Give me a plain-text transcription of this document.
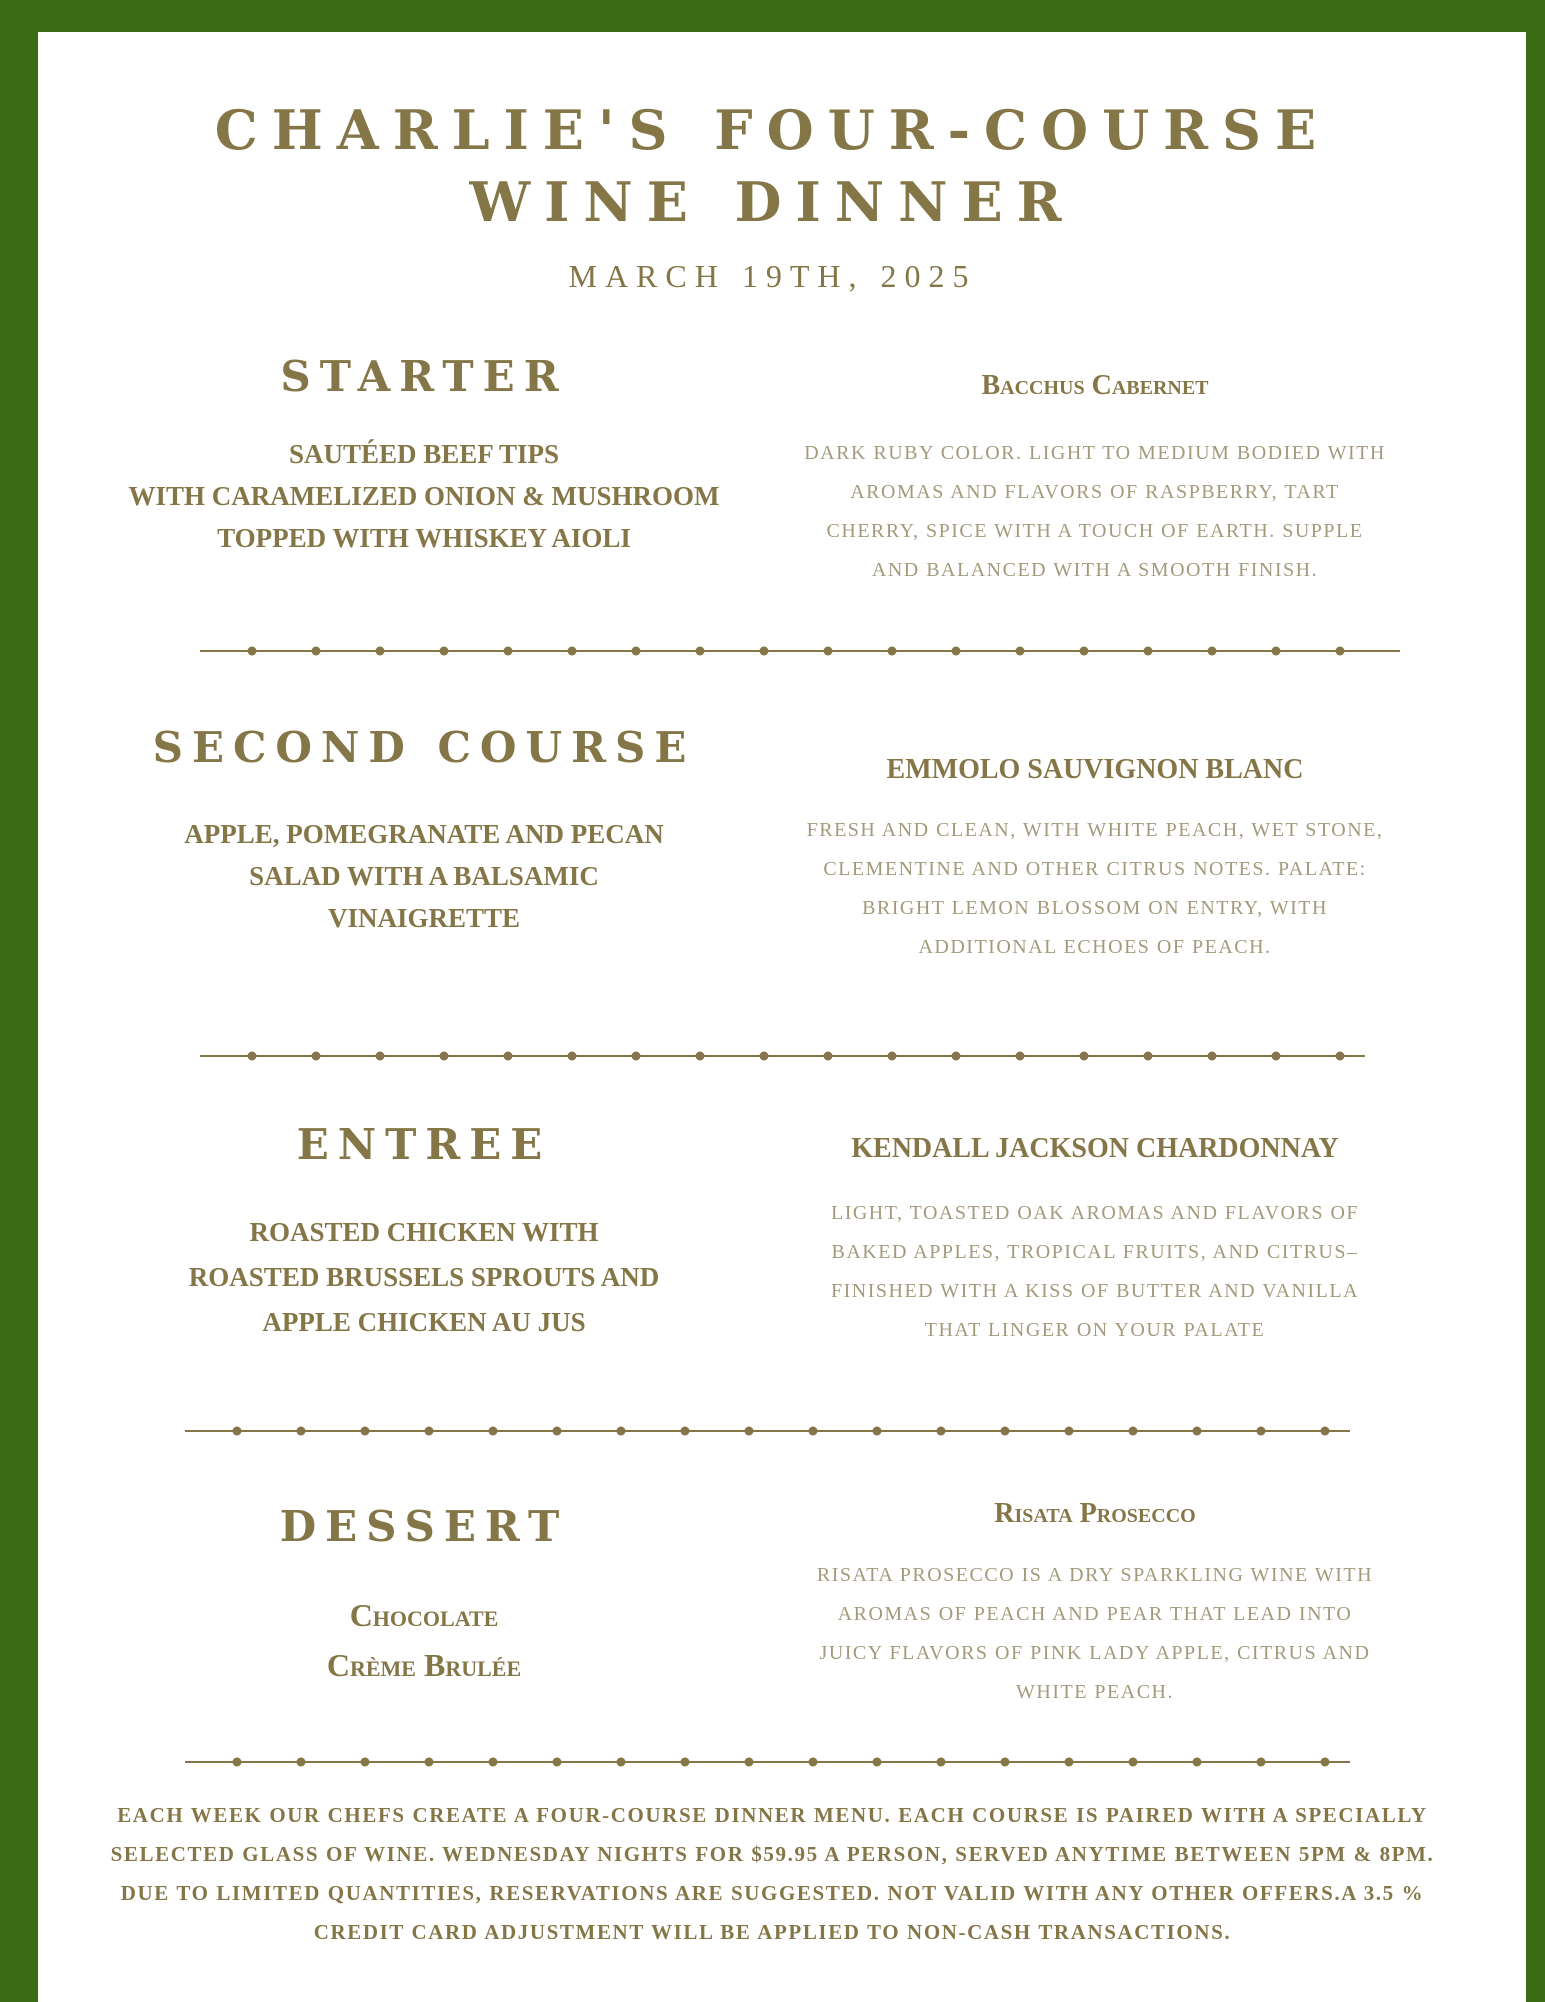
CHARLIE'S FOUR-COURSE
WINE DINNER
MARCH 19TH, 2025
STARTER
SAUTÉED BEEF TIPS
WITH CARAMELIZED ONION & MUSHROOM
TOPPED WITH WHISKEY AIOLI
Bacchus Cabernet
DARK RUBY COLOR. LIGHT TO MEDIUM BODIED WITH
AROMAS AND FLAVORS OF RASPBERRY, TART
CHERRY, SPICE WITH A TOUCH OF EARTH. SUPPLE
AND BALANCED WITH A SMOOTH FINISH.
SECOND COURSE
APPLE, POMEGRANATE AND PECAN
SALAD WITH A BALSAMIC
VINAIGRETTE
EMMOLO SAUVIGNON BLANC
FRESH AND CLEAN, WITH WHITE PEACH, WET STONE,
CLEMENTINE AND OTHER CITRUS NOTES. PALATE:
BRIGHT LEMON BLOSSOM ON ENTRY, WITH
ADDITIONAL ECHOES OF PEACH.
ENTREE
ROASTED CHICKEN WITH
ROASTED BRUSSELS SPROUTS AND
APPLE CHICKEN AU JUS
KENDALL JACKSON CHARDONNAY
LIGHT, TOASTED OAK AROMAS AND FLAVORS OF
BAKED APPLES, TROPICAL FRUITS, AND CITRUS–
FINISHED WITH A KISS OF BUTTER AND VANILLA
THAT LINGER ON YOUR PALATE
DESSERT
Chocolate
Crème Brulée
Risata Prosecco
RISATA PROSECCO IS A DRY SPARKLING WINE WITH
AROMAS OF PEACH AND PEAR THAT LEAD INTO
JUICY FLAVORS OF PINK LADY APPLE, CITRUS AND
WHITE PEACH.
EACH WEEK OUR CHEFS CREATE A FOUR-COURSE DINNER MENU. EACH COURSE IS PAIRED WITH A SPECIALLY
SELECTED GLASS OF WINE. WEDNESDAY NIGHTS FOR $59.95 A PERSON, SERVED ANYTIME BETWEEN 5PM & 8PM.
DUE TO LIMITED QUANTITIES, RESERVATIONS ARE SUGGESTED. NOT VALID WITH ANY OTHER OFFERS.A 3.5 %
CREDIT CARD ADJUSTMENT WILL BE APPLIED TO NON-CASH TRANSACTIONS.
